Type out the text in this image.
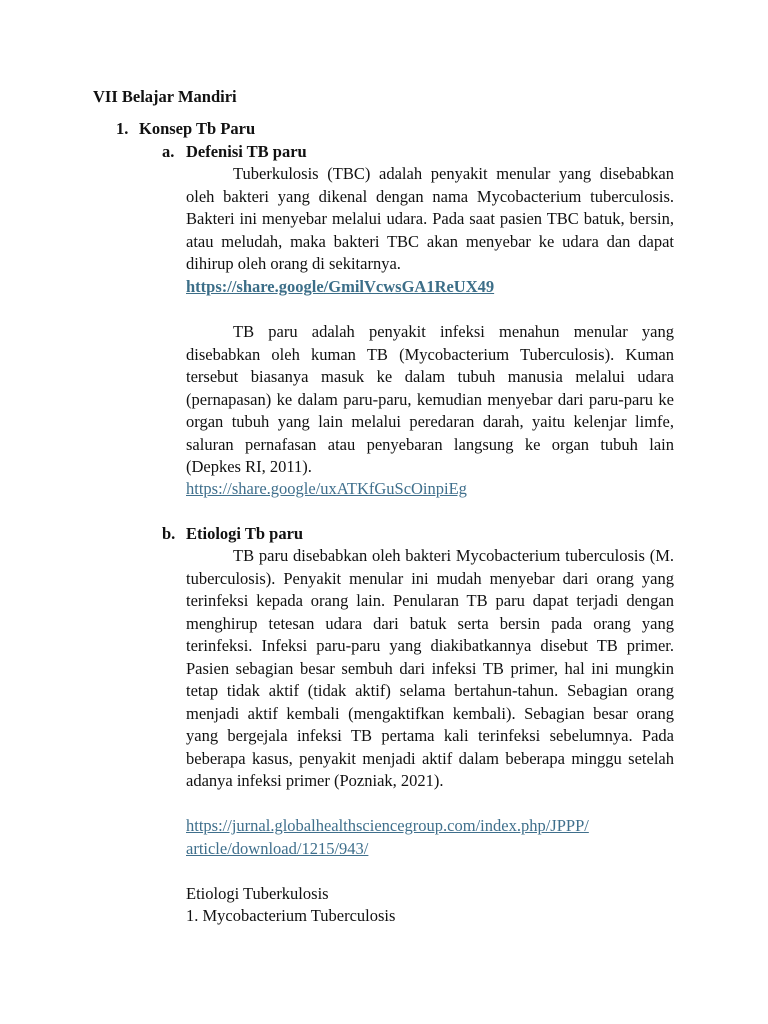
VII Belajar Mandiri
1. Konsep Tb Paru
a. Defenisi TB paru
Tuberkulosis (TBC) adalah penyakit menular yang disebabkan oleh bakteri yang dikenal dengan nama Mycobacterium tuberculosis. Bakteri ini menyebar melalui udara. Pada saat pasien TBC batuk, bersin, atau meludah, maka bakteri TBC akan menyebar ke udara dan dapat dihirup oleh orang di sekitarnya.
https://share.google/GmilVcwsGA1ReUX49
TB paru adalah penyakit infeksi menahun menular yang disebabkan oleh kuman TB (Mycobacterium Tuberculosis). Kuman tersebut biasanya masuk ke dalam tubuh manusia melalui udara (pernapasan) ke dalam paru-paru, kemudian menyebar dari paru-paru ke organ tubuh yang lain melalui peredaran darah, yaitu kelenjar limfe, saluran pernafasan atau penyebaran langsung ke organ tubuh lain (Depkes RI, 2011).
https://share.google/uxATKfGuScOinpiEg
b. Etiologi Tb paru
TB paru disebabkan oleh bakteri Mycobacterium tuberculosis (M. tuberculosis). Penyakit menular ini mudah menyebar dari orang yang terinfeksi kepada orang lain. Penularan TB paru dapat terjadi dengan menghirup tetesan udara dari batuk serta bersin pada orang yang terinfeksi. Infeksi paru-paru yang diakibatkannya disebut TB primer. Pasien sebagian besar sembuh dari infeksi TB primer, hal ini mungkin tetap tidak aktif (tidak aktif) selama bertahun-tahun. Sebagian orang menjadi aktif kembali (mengaktifkan kembali). Sebagian besar orang yang bergejala infeksi TB pertama kali terinfeksi sebelumnya. Pada beberapa kasus, penyakit menjadi aktif dalam beberapa minggu setelah adanya infeksi primer (Pozniak, 2021).
https://jurnal.globalhealthsciencegroup.com/index.php/JPPP/
article/download/1215/943/
Etiologi Tuberkulosis
1. Mycobacterium Tuberculosis
